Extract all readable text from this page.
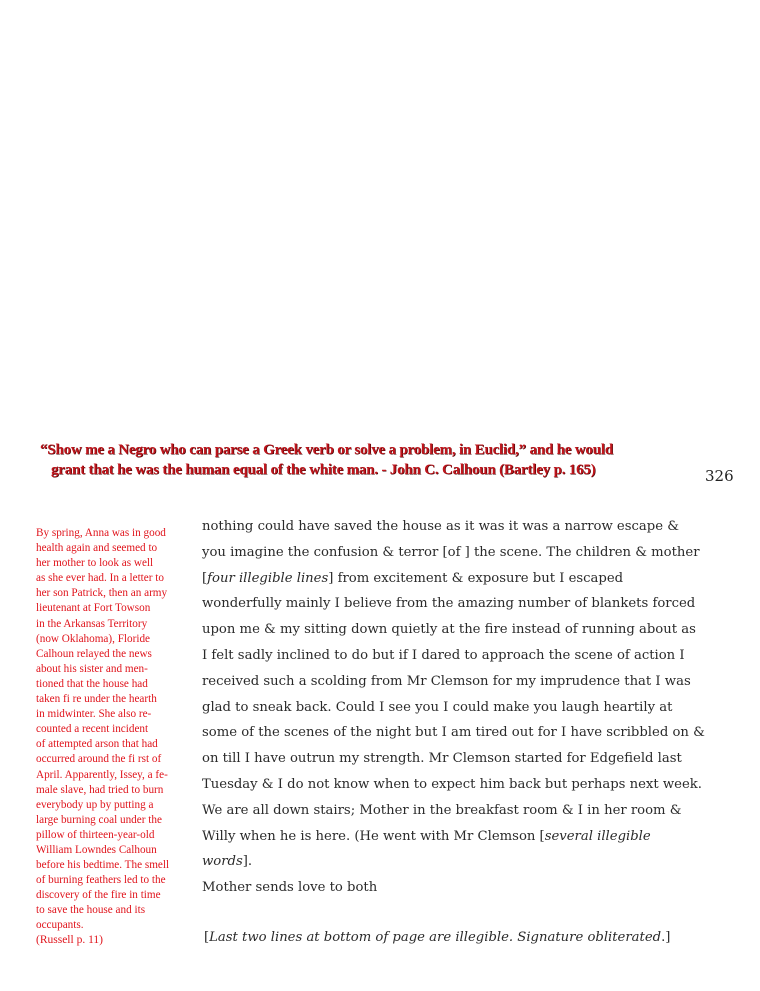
“Show me a Negro who can parse a Greek verb or solve a problem, in Euclid,” and he would
grant that he was the human equal of the white man. - John C. Calhoun (Bartley p. 165)	326
By spring, Anna was in good
health again and seemed to
her mother to look as well
as she ever had. In a letter to
her son Patrick, then an army
lieutenant at Fort Towson
in the Arkansas Territory
(now Oklahoma), Floride
Calhoun relayed the news
about his sister and men-
tioned that the house had
taken fi re under the hearth
in midwinter. She also re-
counted a recent incident
of attempted arson that had
occurred around the fi rst of
April. Apparently, Issey, a fe-
male slave, had tried to burn
everybody up by putting a
large burning coal under the
pillow of thirteen-year-old
William Lowndes Calhoun
before his bedtime. The smell
of burning feathers led to the
discovery of the fire in time
to save the house and its
occupants.
(Russell p. 11)
nothing could have saved the house as it was it was a narrow escape &
you imagine the confusion & terror [of ] the scene. The children & mother
[four illegible lines] from excitement & exposure but I escaped
wonderfully mainly I believe from the amazing number of blankets forced
upon me & my sitting down quietly at the fire instead of running about as
I felt sadly inclined to do but if I dared to approach the scene of action I
received such a scolding from Mr Clemson for my imprudence that I was
glad to sneak back. Could I see you I could make you laugh heartily at
some of the scenes of the night but I am tired out for I have scribbled on &
on till I have outrun my strength. Mr Clemson started for Edgefield last
Tuesday & I do not know when to expect him back but perhaps next week.
We are all down stairs; Mother in the breakfast room & I in her room &
Willy when he is here. (He went with Mr Clemson [several illegible
words].
Mother sends love to both
[Last two lines at bottom of page are illegible. Signature obliterated.]
